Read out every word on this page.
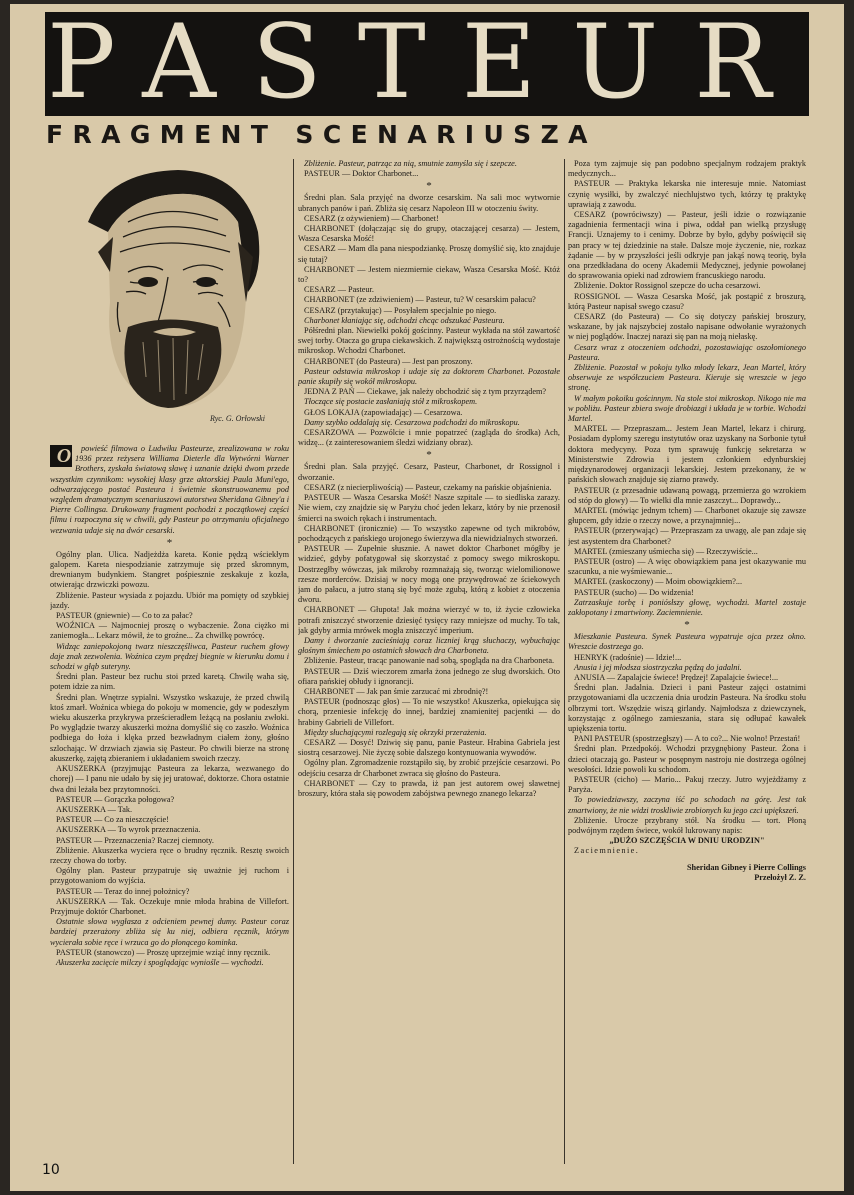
PASTEUR
FRAGMENT SCENARIUSZA
Ryc. G. Orłowski

O powieść filmowa o Ludwiku Pasteurze, zrealizowana w roku 1936 przez reżysera Williama Dieterle dla Wytwórni Warner Brothers, zyskała światową sławę i uznanie dzięki dwom przede wszystkim czynnikom: wysokiej klasy grze aktorskiej Paula Muni'ego, odtwarzającego postać Pasteura i świetnie skonstruowanemu pod względem dramatycznym scenariuszowi autorstwa Sheridana Gibney'a i Pierre Collingsa. Drukowany fragment pochodzi z początkowej części filmu i rozpoczyna się w chwili, gdy Pasteur po otrzymaniu oficjalnego wezwania udaje się na dwór cesarski.

*

Ogólny plan. Ulica. Nadjeżdża kareta. Konie pędzą wściekłym galopem. Kareta niespodzianie zatrzymuje się przed skromnym, drewnianym budynkiem. Stangret pośpiesznie zeskakuje z kozła, otwierając drzwiczki powozu.

Zbliżenie. Pasteur wysiada z pojazdu. Ubiór ma pomięty od szybkiej jazdy.

PASTEUR (gniewnie) — Co to za pałac?

WOŹNICA — Najmocniej proszę o wybaczenie. Żona ciężko mi zaniemogła... Lekarz mówił, że to groźne... Za chwilkę powrócę.

Widząc zaniepokojoną twarz nieszczęśliwca, Pasteur ruchem głowy daje znak zezwolenia. Woźnica czym prędzej biegnie w kierunku domu i schodzi w głąb suteryny.

Średni plan. Pasteur bez ruchu stoi przed karetą. Chwilę waha się, potem idzie za nim.

Średni plan. Wnętrze sypialni. Wszystko wskazuje, że przed chwilą ktoś zmarł. Woźnica wbiega do pokoju w momencie, gdy w podeszłym wieku akuszerka przykrywa prześcieradłem leżącą na posłaniu zwłoki. Po wyglądzie twarzy akuszerki można domyślić się co zaszło. Woźnica podbiega do łoża i klęka przed bezwładnym ciałem żony, głośno szlochając. W drzwiach zjawia się Pasteur. Po chwili bierze na stronę akuszerkę, zajętą zbieraniem i układaniem swoich rzeczy.

AKUSZERKA (przyjmując Pasteura za lekarza, wezwanego do chorej) — I panu nie udało by się jej uratować, doktorze. Chora ostatnie dwa dni leżała bez przytomności.

PASTEUR — Gorączka połogowa?

AKUSZERKA — Tak.

PASTEUR — Co za nieszczęście!

AKUSZERKA — To wyrok przeznaczenia.

PASTEUR — Przeznaczenia? Raczej ciemnoty.

Zbliżenie. Akuszerka wyciera ręce o brudny ręcznik. Resztę swoich rzeczy chowa do torby.

Ogólny plan. Pasteur przypatruje się uważnie jej ruchom i przygotowaniom do wyjścia.

PASTEUR — Teraz do innej położnicy?

AKUSZERKA — Tak. Oczekuje mnie młoda hrabina de Villefort. Przyjmuje doktór Charbonet.

Ostatnie słowa wygłasza z odcieniem pewnej dumy. Pasteur coraz bardziej przerażony zbliża się ku niej, odbiera ręcznik, którym wycierała sobie ręce i wrzuca go do płonącego kominka.

PASTEUR (stanowczo) — Proszę uprzejmie wziąć inny ręcznik.

Akuszerka zacięcie milczy i spoglądając wyniośle — wychodzi.

Zbliżenie. Pasteur, patrząc za nią, smutnie zamyśla się i szepcze.

PASTEUR — Doktor Charbonet...

*

Średni plan. Sala przyjęć na dworze cesarskim. Na sali moc wytwornie ubranych panów i pań. Zbliża się cesarz Napoleon III w otoczeniu świty.

CESARZ (z ożywieniem) — Charbonet!

CHARBONET (dołączając się do grupy, otaczającej cesarza) — Jestem, Wasza Cesarska Mość!

CESARZ — Mam dla pana niespodziankę. Proszę domyślić się, kto znajduje się tutaj?

CHARBONET — Jestem niezmiernie ciekaw, Wasza Cesarska Mość. Któż to?

CESARZ — Pasteur.

CHARBONET (ze zdziwieniem) — Pasteur, tu? W cesarskim pałacu?

CESARZ (przytakując) — Posyłałem specjalnie po niego.

Charbonet kłaniając się, odchodzi chcąc odszukać Pasteura.

Półśredni plan. Niewielki pokój gościnny. Pasteur wykłada na stół zawartość swej torby. Otacza go grupa ciekawskich. Z największą ostrożnością wydostaje mikroskop. Wchodzi Charbonet.

CHARBONET (do Pasteura) — Jest pan proszony.

Pasteur odstawia mikroskop i udaje się za doktorem Charbonet. Pozostałe panie skupiły się wokół mikroskopu.

JEDNA Z PAŃ — Ciekawe, jak należy obchodzić się z tym przyrządem?

Tłoczące się postacie zasłaniają stół z mikroskopem.

GŁOS LOKAJA (zapowiadając) — Cesarzowa.

Damy szybko oddalają się. Cesarzowa podchodzi do mikroskopu.

CESARZOWA — Pozwólcie i mnie popatrzeć (zagląda do środka) Ach, widzę... (z zainteresowaniem śledzi widziany obraz).

*

Średni plan. Sala przyjęć. Cesarz, Pasteur, Charbonet, dr Rossignol i dworzanie.

CESARZ (z niecierpliwością) — Pasteur, czekamy na pańskie objaśnienia.

PASTEUR — Wasza Cesarska Mość! Nasze szpitale — to siedliska zarazy. Nie wiem, czy znajdzie się w Paryżu choć jeden lekarz, który by nie przenosił śmierci na swoich rękach i instrumentach.

CHARBONET (ironicznie) — To wszystko zapewne od tych mikrobów, pochodzących z pańskiego urojonego świerzywa dla niewidzialnych stworzeń.

PASTEUR — Zupełnie słusznie. A nawet doktor Charbonet mógłby je widzieć, gdyby pofatygował się skorzystać z pomocy swego mikroskopu. Dostrzegłby wówczas, jak mikroby rozmnażają się, tworząc wielomilionowe rzesze morderców. Dzisiaj w nocy mogą one przywędrować ze ściekowych jam do pałacu, a jutro staną się być może zgubą, którą z kobiet z otoczenia dworu.

CHARBONET — Głupota! Jak można wierzyć w to, iż życie człowieka potrafi zniszczyć stworzenie dziesięć tysięcy razy mniejsze od muchy. To tak, jak gdyby armia mrówek mogła zniszczyć imperium.

Damy i dworzanie zacieśniają coraz liczniej krąg słuchaczy, wybuchając głośnym śmiechem po ostatnich słowach dra Charboneta.

Zbliżenie. Pasteur, tracąc panowanie nad sobą, spogląda na dra Charboneta.

PASTEUR — Dziś wieczorem zmarła żona jednego ze sług dworskich. Oto ofiara pańskiej obłudy i ignorancji.

CHARBONET — Jak pan śmie zarzucać mi zbrodnię?!

PASTEUR (podnosząc głos) — To nie wszystko! Akuszerka, opiekująca się chorą, przeniesie infekcję do innej, bardziej znamienitej pacjentki — do hrabiny Gabrieli de Villefort.

Między słuchającymi rozlegają się okrzyki przerażenia.

CESARZ — Dosyć! Dziwię się panu, panie Pasteur. Hrabina Gabriela jest siostrą cesarzowej. Nie życzę sobie dalszego kontynuowania wywodów.

Ogólny plan. Zgromadzenie rozstąpiło się, by zrobić przejście cesarzowi. Po odejściu cesarza dr Charbonet zwraca się głośno do Pasteura.

CHARBONET — Czy to prawda, iż pan jest autorem owej sławetnej broszury, która stała się powodem zabójstwa pewnego znanego lekarza?

Poza tym zajmuje się pan podobno specjalnym rodzajem praktyk medycznych...

PASTEUR — Praktyka lekarska nie interesuje mnie. Natomiast czynię wysiłki, by zwalczyć niechlujstwo tych, którzy tę praktykę uprawiają z zawodu.

CESARZ (powróciwszy) — Pasteur, jeśli idzie o rozwiązanie zagadnienia fermentacji wina i piwa, oddał pan wielką przysługę Francji. Uznajemy to i cenimy. Dobrze by było, gdyby poświęcił się pan pracy w tej dziedzinie na stałe. Dalsze moje życzenie, nie, rozkaz żądanie — by w przyszłości jeśli odkryje pan jakąś nową teorię, była ona przedkładana do oceny Akademii Medycznej, jedynie powołanej do sprawowania opieki nad zdrowiem francuskiego narodu.

Zbliżenie. Doktor Rossignol szepcze do ucha cesarzowi.

ROSSIGNOL — Wasza Cesarska Mość, jak postąpić z broszurą, którą Pasteur napisał swego czasu?

CESARZ (do Pasteura) — Co się dotyczy pańskiej broszury, wskazane, by jak najszybciej zostało napisane odwołanie wyrażonych w niej poglądów. Inaczej narazi się pan na moją niełaskę.

Cesarz wraz z otoczeniem odchodzi, pozostawiając oszołomionego Pasteura.

Zbliżenie. Pozostał w pokoju tylko młody lekarz, Jean Martel, który obserwuje ze współczuciem Pasteura. Kieruje się wreszcie w jego stronę.

W małym pokoiku gościnnym. Na stole stoi mikroskop. Nikogo nie ma w pobliżu. Pasteur zbiera swoje drobiazgi i układa je w torbie. Wchodzi Martel.

MARTEL — Przepraszam... Jestem Jean Martel, lekarz i chirurg. Posiadam dyplomy szeregu instytutów oraz uzyskany na Sorbonie tytuł doktora medycyny. Poza tym sprawuję funkcję sekretarza w Ministerstwie Zdrowia i jestem członkiem edynburskiej międzynarodowej organizacji lekarskiej. Jestem przekonany, że w pańskich słowach znajduje się ziarno prawdy.

PASTEUR (z przesadnie udawaną powagą, przemierza go wzrokiem od stóp do głowy) — To wielki dla mnie zaszczyt... Doprawdy...

MARTEL (mówiąc jednym tchem) — Charbonet okazuje się zawsze głupcem, gdy idzie o rzeczy nowe, a przynajmniej...

PASTEUR (przerywając) — Przepraszam za uwagę, ale pan zdaje się jest asystentem dra Charbonet?

MARTEL (zmieszany uśmiecha się) — Rzeczywiście...

PASTEUR (ostro) — A więc obowiązkiem pana jest okazywanie mu szacunku, a nie wyśmiewanie...

MARTEL (zaskoczony) — Moim obowiązkiem?...

PASTEUR (sucho) — Do widzenia!

Zatrzaskuje torbę i poniósłszy głowę, wychodzi. Martel zostaje zakłopotany i zmartwiony. Zaciemnienie.

*

Mieszkanie Pasteura. Synek Pasteura wypatruje ojca przez okno. Wreszcie dostrzega go.

HENRYK (radośnie) — Idzie!...

Anusia i jej młodsza siostrzyczka pędzą do jadalni.

ANUSIA — Zapalajcie świece! Prędzej! Zapalajcie świece!...

Średni plan. Jadalnia. Dzieci i pani Pasteur zajęci ostatnimi przygotowaniami dla uczczenia dnia urodzin Pasteura. Na środku stołu olbrzymi tort. Wszędzie wiszą girlandy. Najmłodsza z dziewczynek, korzystając z ogólnego zamieszania, stara się odłupać kawałek upiększenia tortu.

PANI PASTEUR (spostrzegłszy) — A to co?... Nie wolno! Przestań!

Średni plan. Przedpokój. Wchodzi przygnębiony Pasteur. Żona i dzieci otaczają go. Pasteur w posępnym nastroju nie dostrzega ogólnej wesołości. Idzie powoli ku schodom.

PASTEUR (cicho) — Mario... Pakuj rzeczy. Jutro wyjeżdżamy z Paryża.

To powiedziawszy, zaczyna iść po schodach na górę. Jest tak zmartwiony, że nie widzi troskliwie zrobionych ku jego czci upiększeń.

Zbliżenie. Urocze przybrany stół. Na środku — tort. Płoną podwójnym rzędem świece, wokół lukrowany napis:

„DUŻO SZCZĘŚCIA W DNIU URODZIN"

Zaciemnienie.

Sheridan Gibney i Pierre Collings

Przełożył Z. Z.

10
